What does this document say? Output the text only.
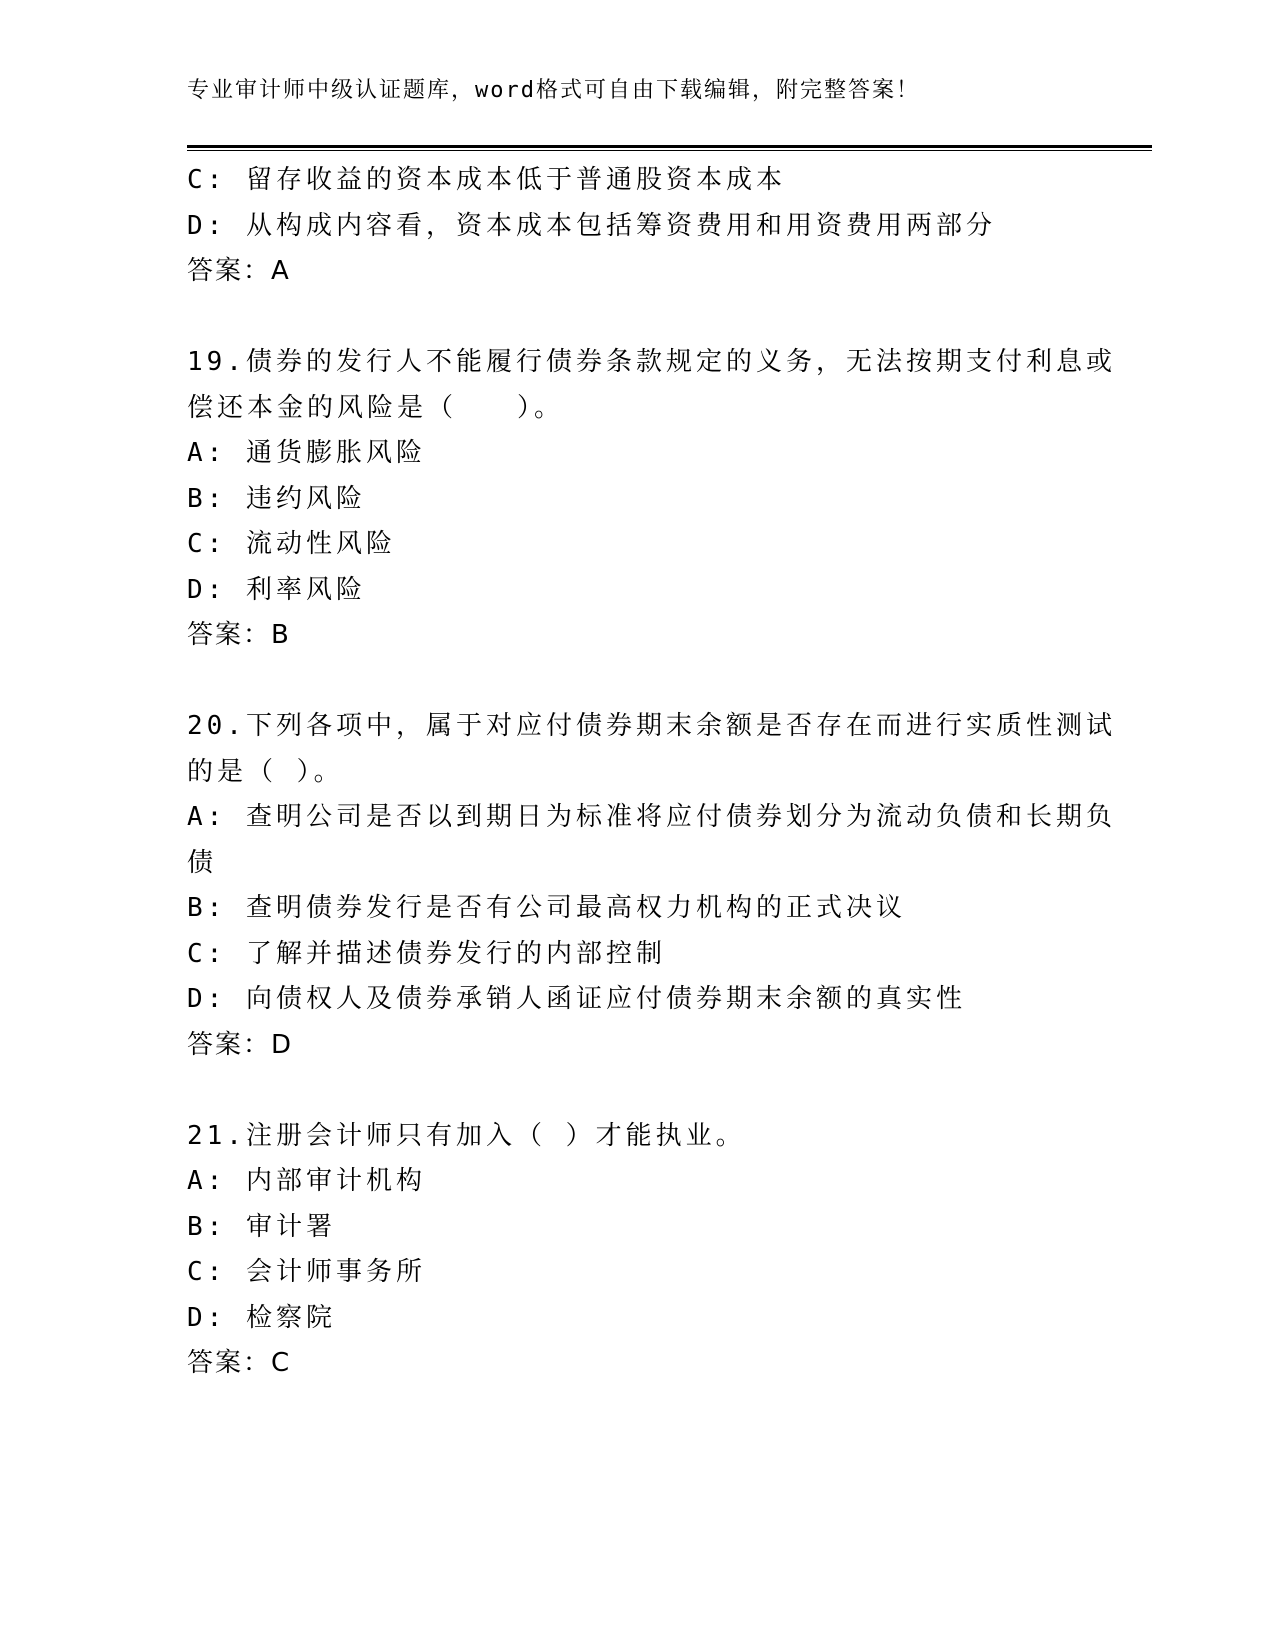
专业审计师中级认证题库，word格式可自由下载编辑，附完整答案！
C: 留存收益的资本成本低于普通股资本成本
D: 从构成内容看，资本成本包括筹资费用和用资费用两部分
答案：A
19.债券的发行人不能履行债券条款规定的义务，无法按期支付利息或
偿还本金的风险是（　　）。
A: 通货膨胀风险
B: 违约风险
C: 流动性风险
D: 利率风险
答案：B
20.下列各项中，属于对应付债券期末余额是否存在而进行实质性测试
的是（ ）。
A: 查明公司是否以到期日为标准将应付债券划分为流动负债和长期负
债
B: 查明债券发行是否有公司最高权力机构的正式决议
C: 了解并描述债券发行的内部控制
D: 向债权人及债券承销人函证应付债券期末余额的真实性
答案：D
21.注册会计师只有加入（ ）才能执业。
A: 内部审计机构
B: 审计署
C: 会计师事务所
D: 检察院
答案：C
